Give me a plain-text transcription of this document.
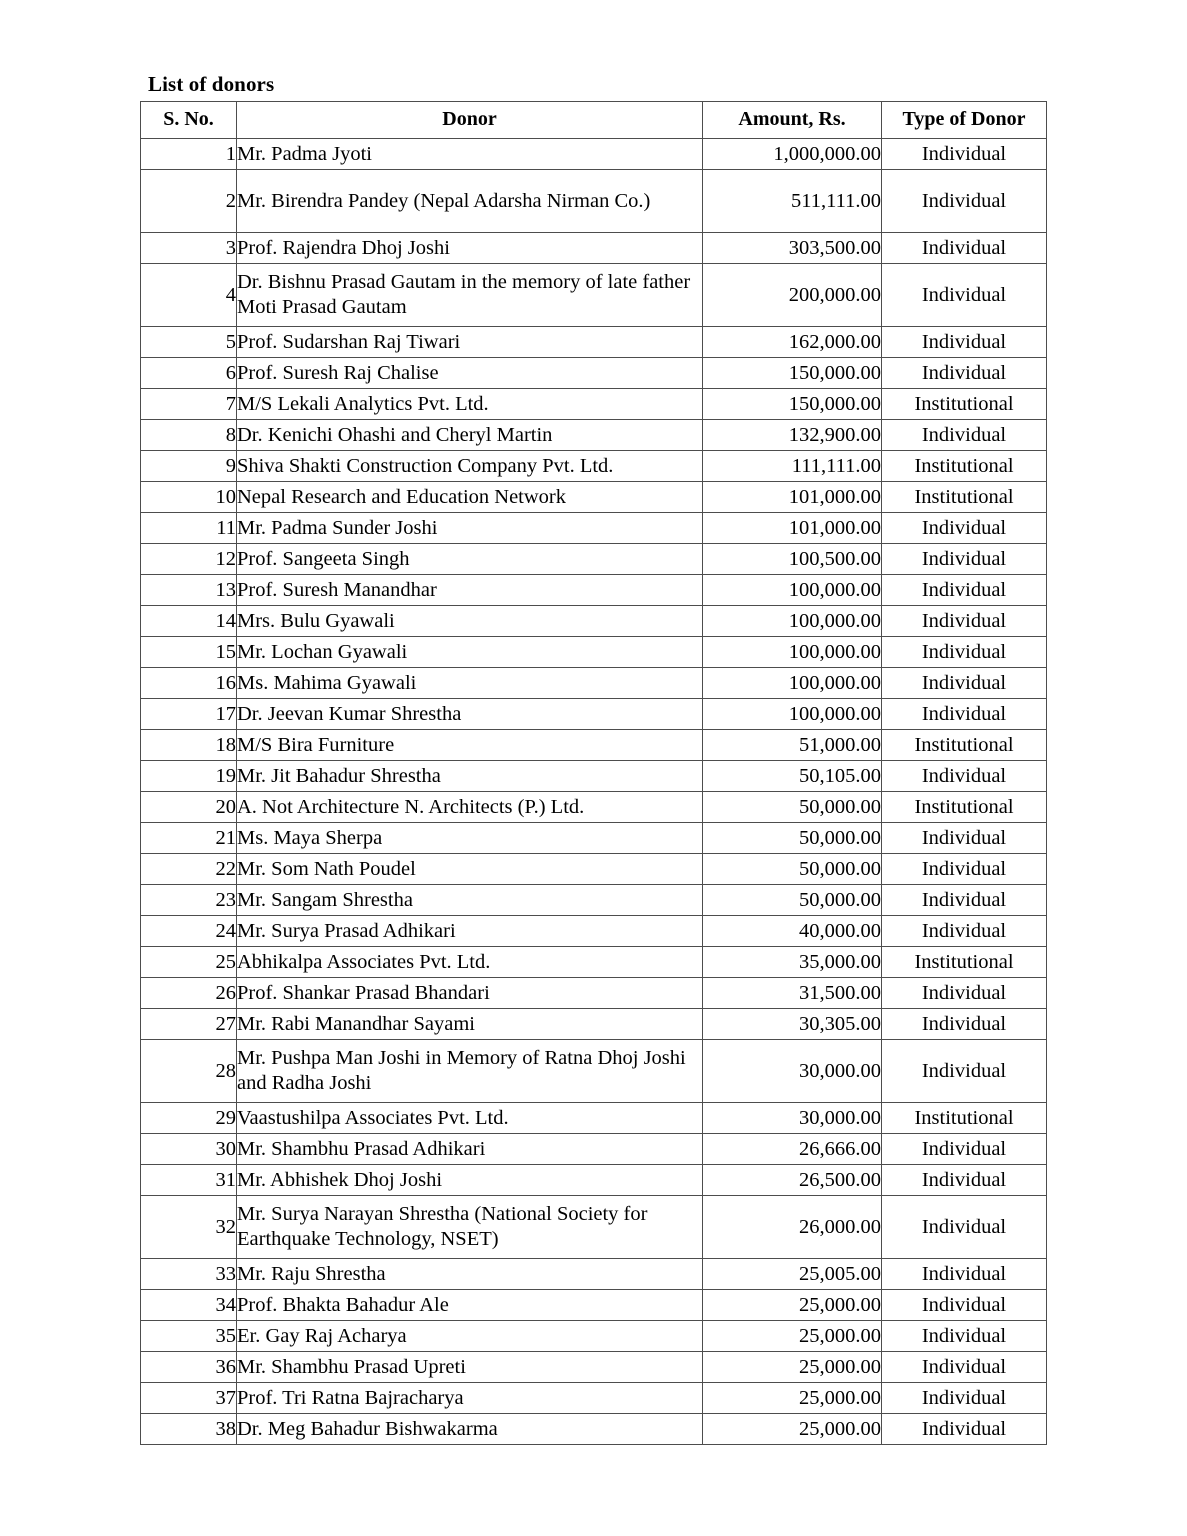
List of donors
S. No.	Donor	Amount, Rs.	Type of Donor
1	Mr. Padma Jyoti	1,000,000.00	Individual
2	Mr. Birendra Pandey (Nepal Adarsha Nirman Co.)	511,111.00	Individual
3	Prof. Rajendra Dhoj Joshi	303,500.00	Individual
4	Dr. Bishnu Prasad Gautam in the memory of late father Moti Prasad Gautam	200,000.00	Individual
5	Prof. Sudarshan Raj Tiwari	162,000.00	Individual
6	Prof. Suresh Raj Chalise	150,000.00	Individual
7	M/S Lekali Analytics Pvt. Ltd.	150,000.00	Institutional
8	Dr. Kenichi Ohashi and Cheryl Martin	132,900.00	Individual
9	Shiva Shakti Construction Company Pvt. Ltd.	111,111.00	Institutional
10	Nepal Research and Education Network	101,000.00	Institutional
11	Mr. Padma Sunder Joshi	101,000.00	Individual
12	Prof. Sangeeta Singh	100,500.00	Individual
13	Prof. Suresh Manandhar	100,000.00	Individual
14	Mrs. Bulu Gyawali	100,000.00	Individual
15	Mr. Lochan Gyawali	100,000.00	Individual
16	Ms. Mahima Gyawali	100,000.00	Individual
17	Dr. Jeevan Kumar Shrestha	100,000.00	Individual
18	M/S Bira Furniture	51,000.00	Institutional
19	Mr. Jit Bahadur Shrestha	50,105.00	Individual
20	A. Not Architecture N. Architects (P.) Ltd.	50,000.00	Institutional
21	Ms. Maya Sherpa	50,000.00	Individual
22	Mr. Som Nath Poudel	50,000.00	Individual
23	Mr. Sangam Shrestha	50,000.00	Individual
24	Mr. Surya Prasad Adhikari	40,000.00	Individual
25	Abhikalpa Associates Pvt. Ltd.	35,000.00	Institutional
26	Prof. Shankar Prasad Bhandari	31,500.00	Individual
27	Mr. Rabi Manandhar Sayami	30,305.00	Individual
28	Mr. Pushpa Man Joshi in Memory of Ratna Dhoj Joshi and Radha Joshi	30,000.00	Individual
29	Vaastushilpa Associates Pvt. Ltd.	30,000.00	Institutional
30	Mr. Shambhu Prasad Adhikari	26,666.00	Individual
31	Mr. Abhishek Dhoj Joshi	26,500.00	Individual
32	Mr. Surya Narayan Shrestha (National Society for Earthquake Technology, NSET)	26,000.00	Individual
33	Mr. Raju Shrestha	25,005.00	Individual
34	Prof. Bhakta Bahadur Ale	25,000.00	Individual
35	Er. Gay Raj Acharya	25,000.00	Individual
36	Mr. Shambhu Prasad Upreti	25,000.00	Individual
37	Prof. Tri Ratna Bajracharya	25,000.00	Individual
38	Dr. Meg Bahadur Bishwakarma	25,000.00	Individual
